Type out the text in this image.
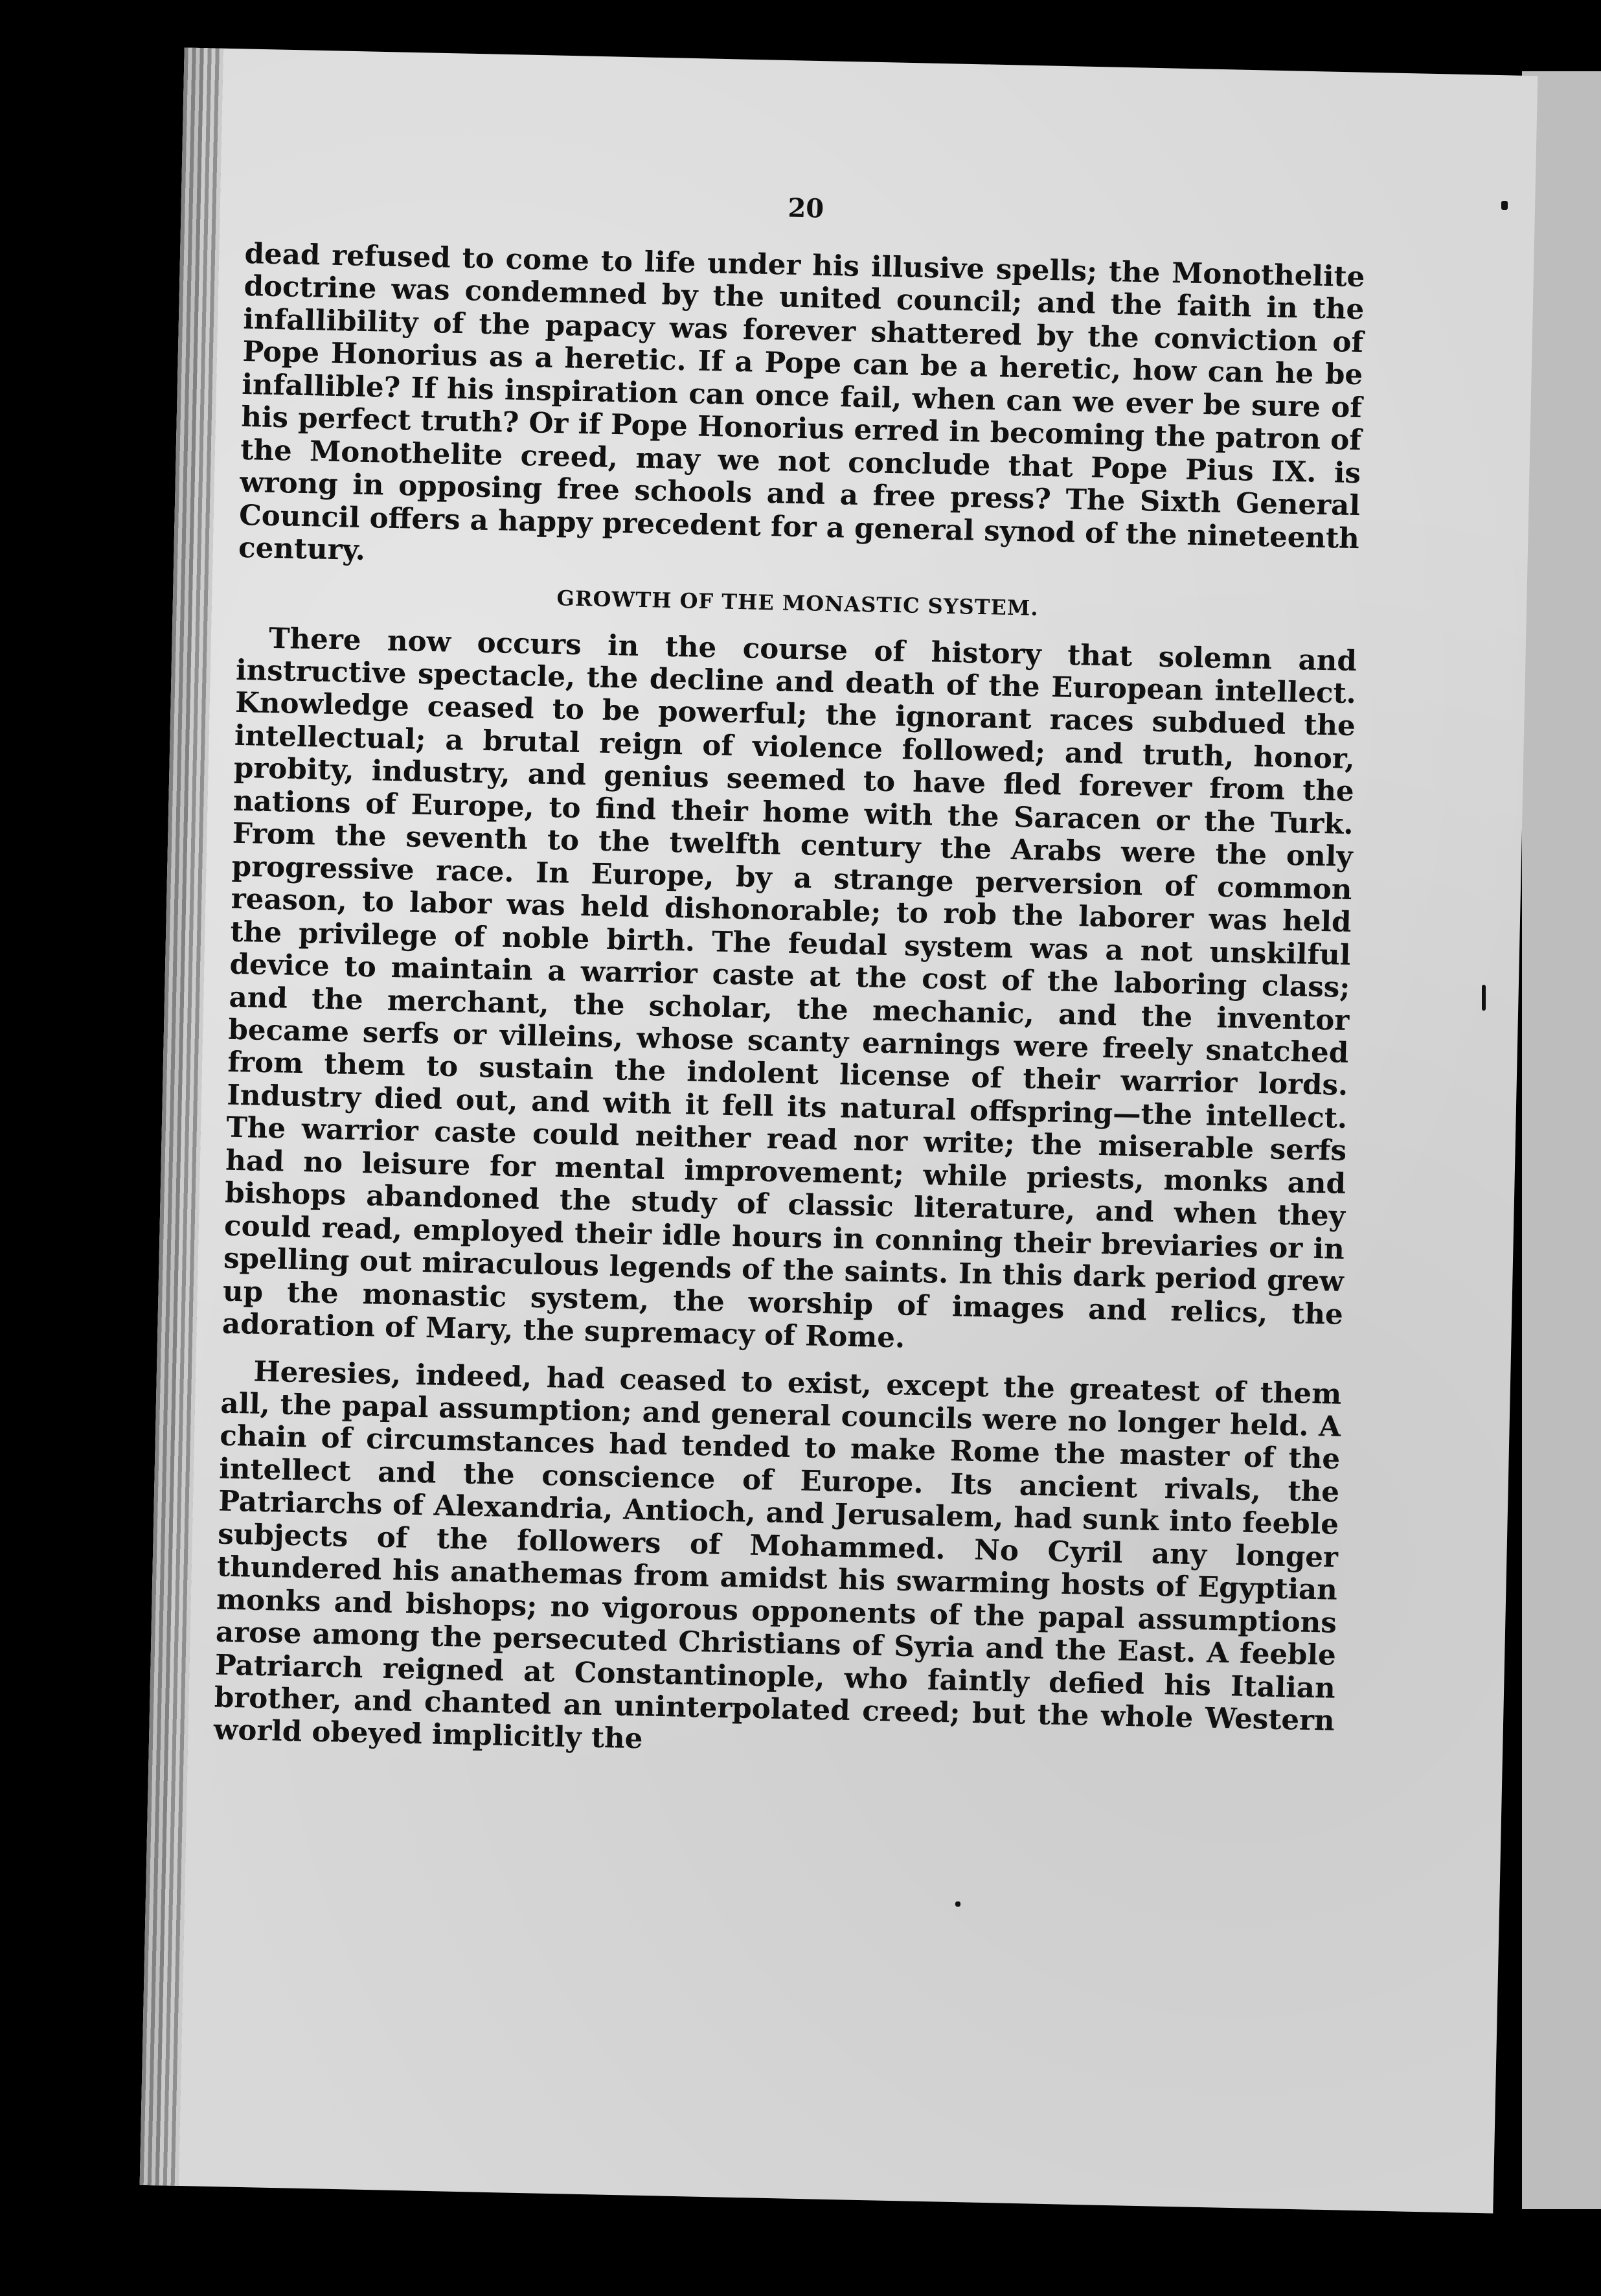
20

dead refused to come to life under his illusive spells; the Monothelite doctrine was condemned by the united council; and the faith in the infallibility of the papacy was forever shattered by the conviction of Pope Honorius as a heretic. If a Pope can be a heretic, how can he be infallible? If his inspiration can once fail, when can we ever be sure of his perfect truth? Or if Pope Honorius erred in becoming the patron of the Monothelite creed, may we not conclude that Pope Pius IX. is wrong in opposing free schools and a free press? The Sixth General Council offers a happy precedent for a general synod of the nineteenth century.

GROWTH OF THE MONASTIC SYSTEM.

There now occurs in the course of history that solemn and instructive spectacle, the decline and death of the European intellect. Knowledge ceased to be powerful; the ignorant races subdued the intellectual; a brutal reign of violence followed; and truth, honor, probity, industry, and genius seemed to have fled forever from the nations of Europe, to find their home with the Saracen or the Turk. From the seventh to the twelfth century the Arabs were the only progressive race. In Europe, by a strange perversion of common reason, to labor was held dishonorable; to rob the laborer was held the privilege of noble birth. The feudal system was a not unskilful device to maintain a warrior caste at the cost of the laboring class; and the merchant, the scholar, the mechanic, and the inventor became serfs or villeins, whose scanty earnings were freely snatched from them to sustain the indolent license of their warrior lords. Industry died out, and with it fell its natural offspring—the intellect. The warrior caste could neither read nor write; the miserable serfs had no leisure for mental improvement; while priests, monks and bishops abandoned the study of classic literature, and when they could read, employed their idle hours in conning their breviaries or in spelling out miraculous legends of the saints. In this dark period grew up the monastic system, the worship of images and relics, the adoration of Mary, the supremacy of Rome.

Heresies, indeed, had ceased to exist, except the greatest of them all, the papal assumption; and general councils were no longer held. A chain of circumstances had tended to make Rome the master of the intellect and the conscience of Europe. Its ancient rivals, the Patriarchs of Alexandria, Antioch, and Jerusalem, had sunk into feeble subjects of the followers of Mohammed. No Cyril any longer thundered his anathemas from amidst his swarming hosts of Egyptian monks and bishops; no vigorous opponents of the papal assumptions arose among the persecuted Christians of Syria and the East. A feeble Patriarch reigned at Constantinople, who faintly defied his Italian brother, and chanted an uninterpolated creed; but the whole Western world obeyed implicitly the
